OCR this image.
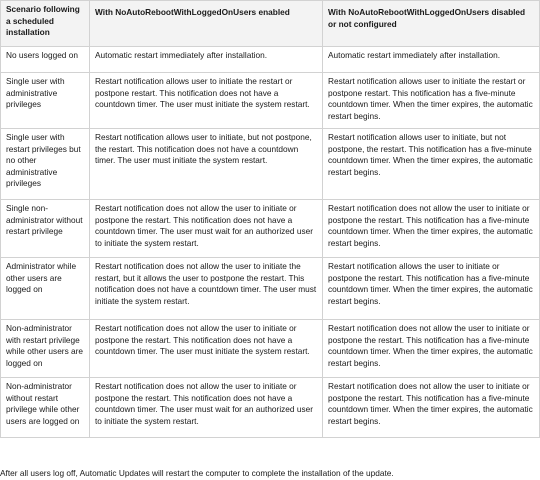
Scenario following a scheduled installation	With NoAutoRebootWithLoggedOnUsers enabled	With NoAutoRebootWithLoggedOnUsers disabled or not configured
No users logged on	Automatic restart immediately after installation.	Automatic restart immediately after installation.
Single user with administrative privileges	Restart notification allows user to initiate the restart or postpone restart. This notification does not have a countdown timer. The user must initiate the system restart.	Restart notification allows user to initiate the restart or postpone restart. This notification has a five-minute countdown timer. When the timer expires, the automatic restart begins.
Single user with restart privileges but no other administrative privileges	Restart notification allows user to initiate, but not postpone, the restart. This notification does not have a countdown timer. The user must initiate the system restart.	Restart notification allows user to initiate, but not postpone, the restart. This notification has a five-minute countdown timer. When the timer expires, the automatic restart begins.
Single non-administrator without restart privilege	Restart notification does not allow the user to initiate or postpone the restart. This notification does not have a countdown timer. The user must wait for an authorized user to initiate the system restart.	Restart notification does not allow the user to initiate or postpone the restart. This notification has a five-minute countdown timer. When the timer expires, the automatic restart begins.
Administrator while other users are logged on	Restart notification does not allow the user to initiate the restart, but it allows the user to postpone the restart. This notification does not have a countdown timer. The user must initiate the system restart.	Restart notification allows the user to initiate or postpone the restart. This notification has a five-minute countdown timer. When the timer expires, the automatic restart begins.
Non-administrator with restart privilege while other users are logged on	Restart notification does not allow the user to initiate or postpone the restart. This notification does not have a countdown timer. The user must initiate the system restart.	Restart notification does not allow the user to initiate or postpone the restart. This notification has a five-minute countdown timer. When the timer expires, the automatic restart begins.
Non-administrator without restart privilege while other users are logged on	Restart notification does not allow the user to initiate or postpone the restart. This notification does not have a countdown timer. The user must wait for an authorized user to initiate the system restart.	Restart notification does not allow the user to initiate or postpone the restart. This notification has a five-minute countdown timer. When the timer expires, the automatic restart begins.

After all users log off, Automatic Updates will restart the computer to complete the installation of the update.
